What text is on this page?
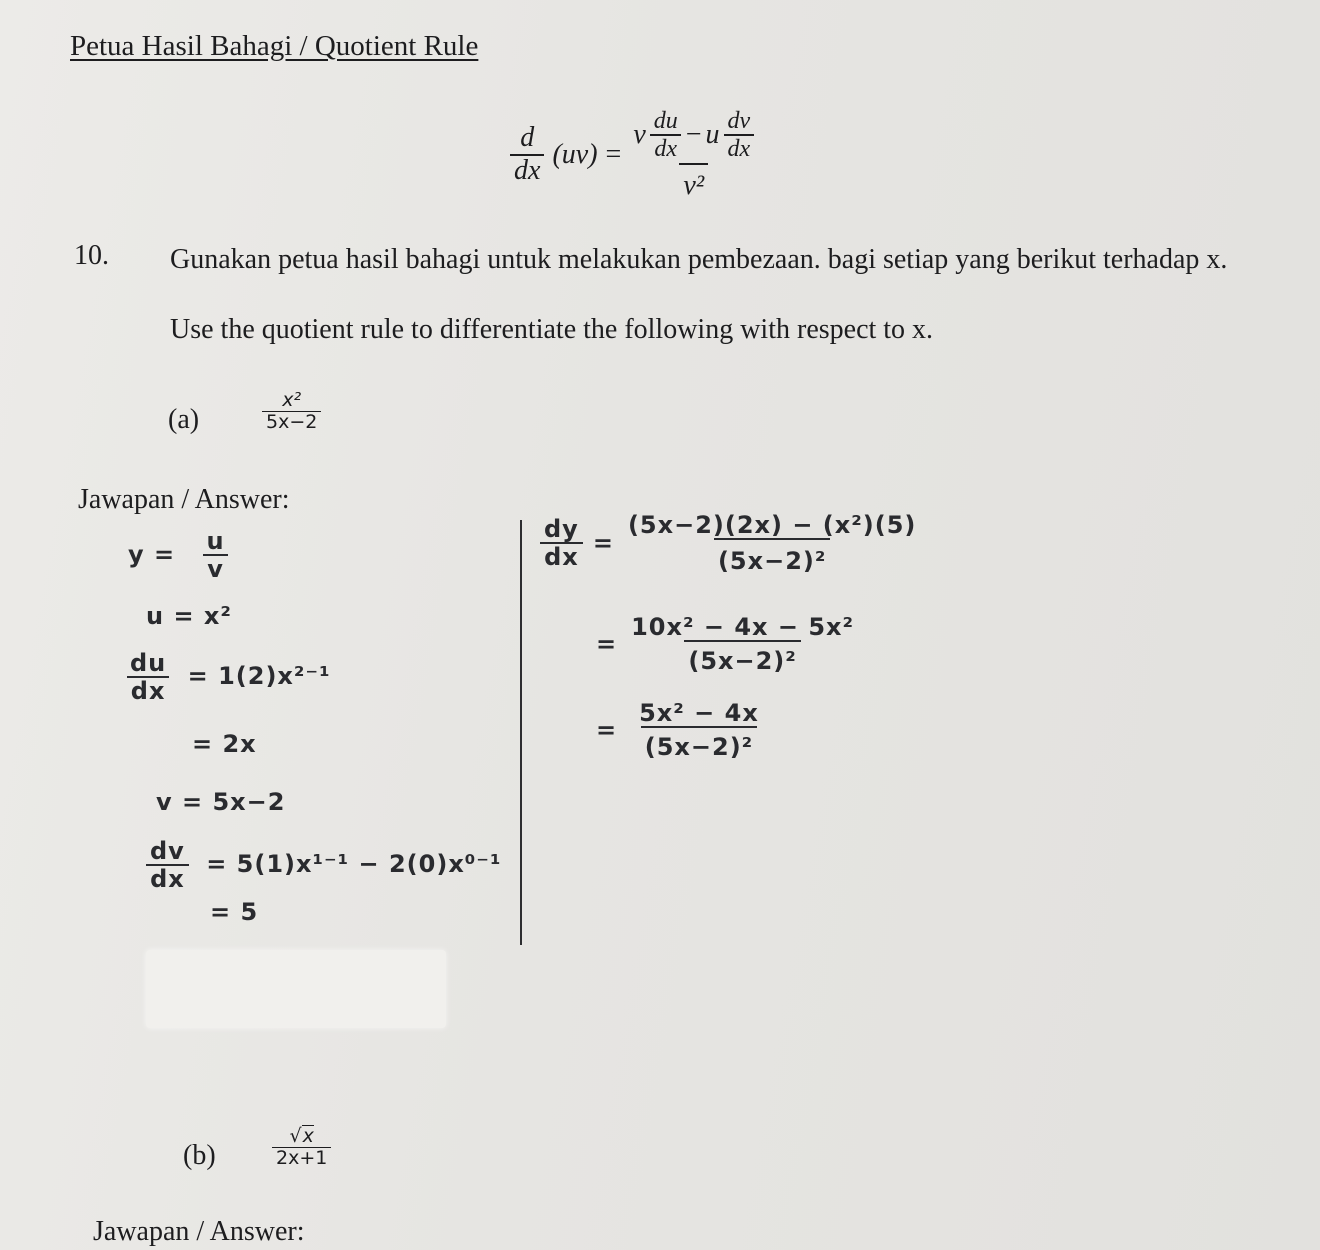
Petua Hasil Bahagi / Quotient Rule
$\frac{d}{dx} (uv)$ =
v $\frac{du}{dx} - u \frac{dv}{dx}$
v²
10. Gunakan petua hasil bahagi untuk melakukan pembezaan. bagi setiap yang berikut terhadap x.
Use the quotient rule to differentiate the following with respect to x.
(a)	$\frac{\text{x²}}{5x-2}$
Jawapan / Answer:
$y = \frac{u}{v}$
u = x²
$\frac{du}{dx} = 1(2)x^{2-1}$
= 2x
v = 5x−2
$\frac{dv}{dx} = 5(1)x^{1-1} - 2(0)x^{0-1}$
= 5
$\frac{dy}{dx} = \frac{\text{(5x−2)(2x) − (x²)(5)}}{\text{(5x−2)²}}$
= $\frac{\text{10x² − 4x − 5x²}}{\text{(5x−2)²}}$
= $\frac{\text{5x² − 4x}}{\text{(5x−2)²}}$
(b)	$\frac{√x}{2x+1}$
Jawapan / Answer:
